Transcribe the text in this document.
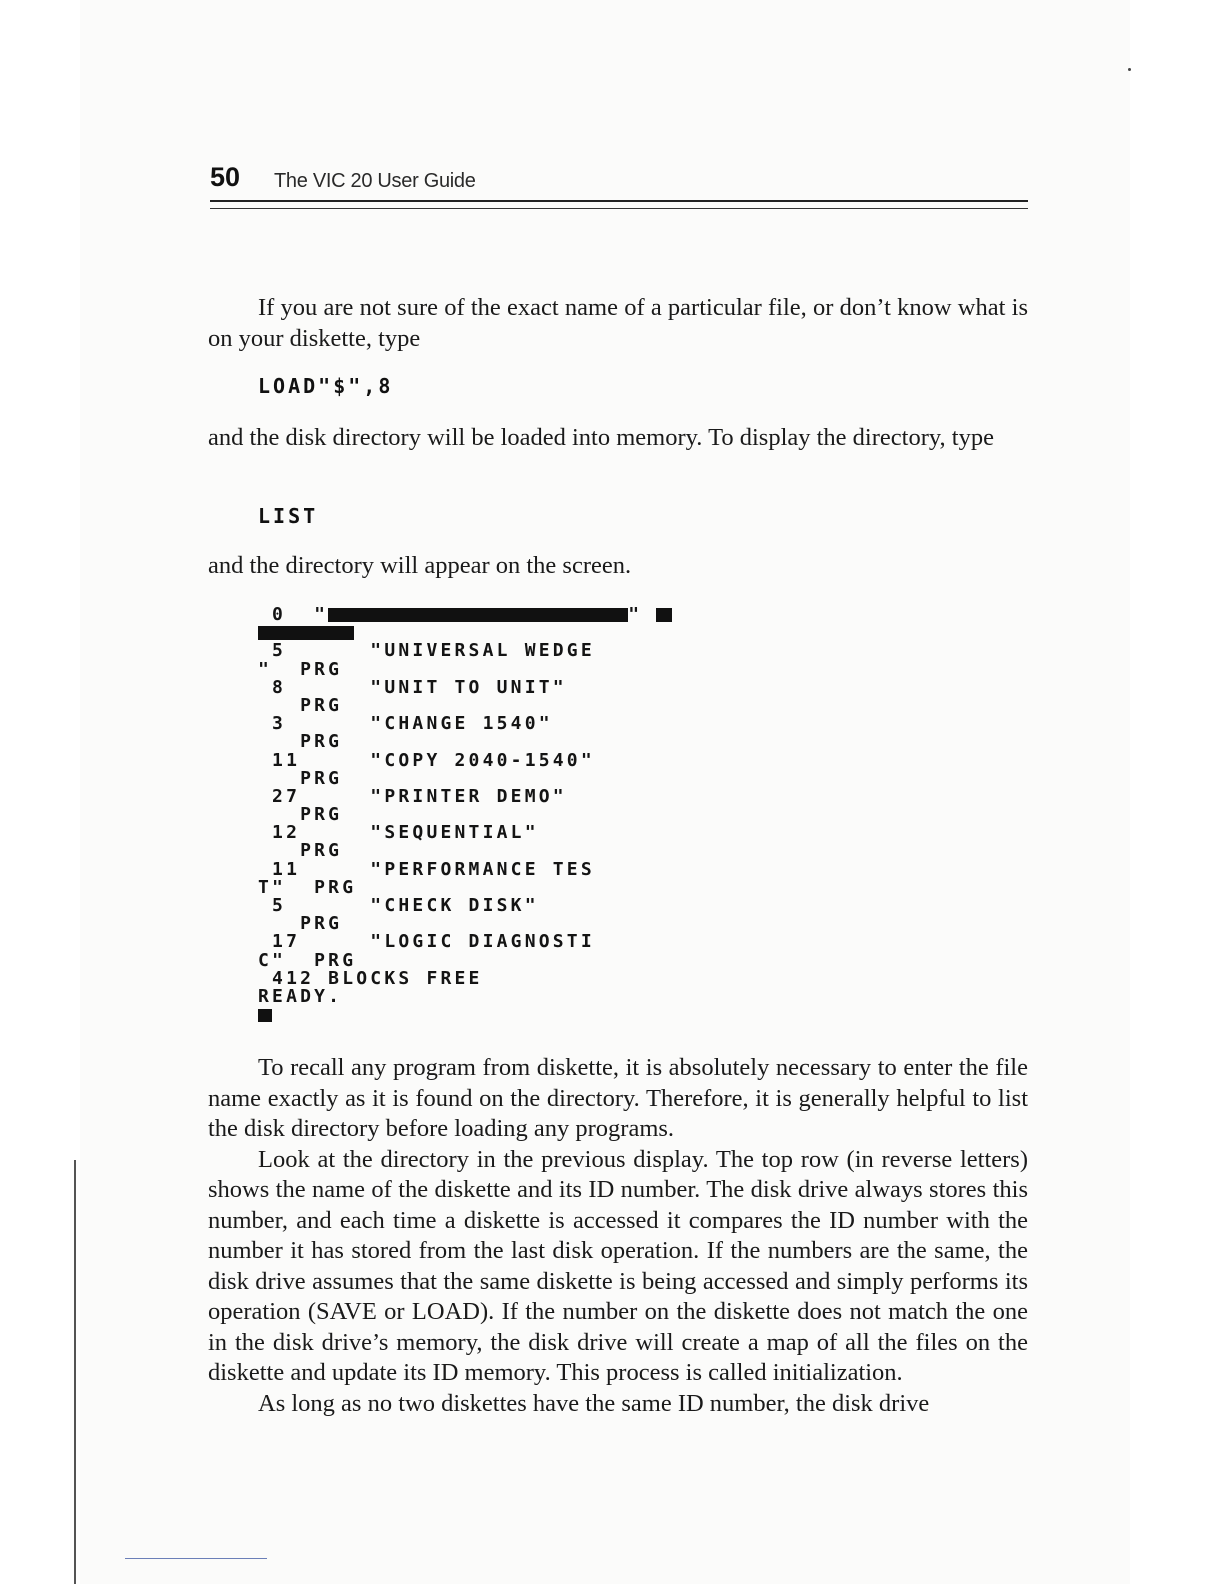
50 The VIC 20 User Guide

If you are not sure of the exact name of a particular file, or don’t know what is on your diskette, type

LOAD"$",8

and the disk directory will be loaded into memory. To display the directory, type

LIST

and the directory will appear on the screen.

0  "	"
5      "UNIVERSAL WEDGE
"  PRG
8      "UNIT TO UNIT"
PRG
3      "CHANGE 1540"
PRG
11     "COPY 2040-1540"
PRG
27     "PRINTER DEMO"
PRG
12     "SEQUENTIAL"
PRG
11     "PERFORMANCE TES
T"  PRG
5      "CHECK DISK"
PRG
17     "LOGIC DIAGNOSTI
C"  PRG
412 BLOCKS FREE
READY.

To recall any program from diskette, it is absolutely necessary to enter the file name exactly as it is found on the directory. Therefore, it is generally helpful to list the disk directory before loading any programs.

Look at the directory in the previous display. The top row (in reverse letters) shows the name of the diskette and its ID number. The disk drive always stores this number, and each time a diskette is accessed it compares the ID number with the number it has stored from the last disk operation. If the numbers are the same, the disk drive assumes that the same diskette is being accessed and simply performs its operation (SAVE or LOAD). If the number on the diskette does not match the one in the disk drive’s memory, the disk drive will create a map of all the files on the diskette and update its ID memory. This process is called initialization.

As long as no two diskettes have the same ID number, the disk drive
